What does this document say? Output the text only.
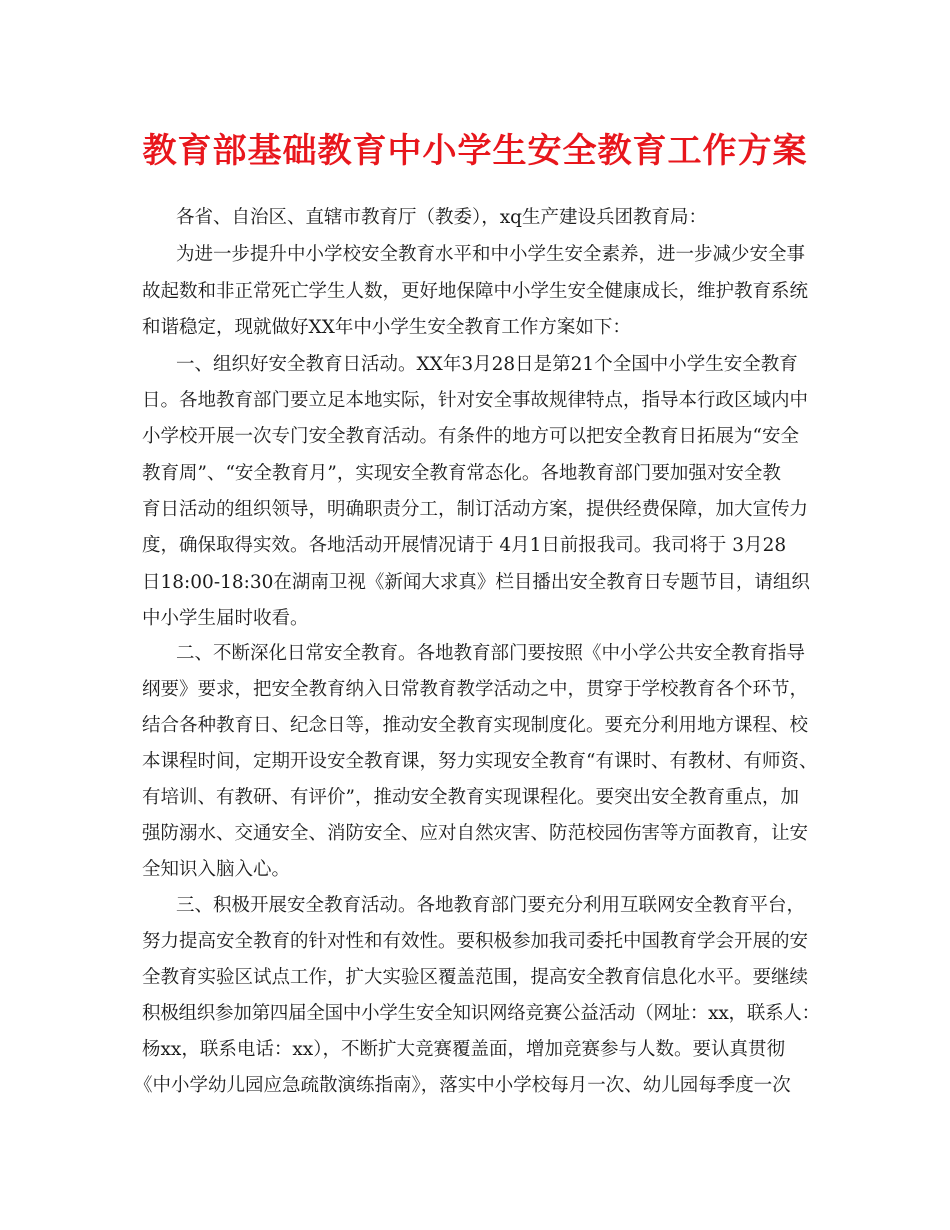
教育部基础教育中小学生安全教育工作方案
各省、自治区、直辖市教育厅（教委），xq生产建设兵团教育局：
为进一步提升中小学校安全教育水平和中小学生安全素养，进一步减少安全事
故起数和非正常死亡学生人数，更好地保障中小学生安全健康成长，维护教育系统
和谐稳定，现就做好XX年中小学生安全教育工作方案如下：
一、组织好安全教育日活动。XX年3月28日是第21个全国中小学生安全教育
日。各地教育部门要立足本地实际，针对安全事故规律特点，指导本行政区域内中
小学校开展一次专门安全教育活动。有条件的地方可以把安全教育日拓展为“安全
教育周”、“安全教育月”，实现安全教育常态化。各地教育部门要加强对安全教
育日活动的组织领导，明确职责分工，制订活动方案，提供经费保障，加大宣传力
度，确保取得实效。各地活动开展情况请于 4月1日前报我司。我司将于 3月28
日18:00-18:30在湖南卫视《新闻大求真》栏目播出安全教育日专题节目，请组织
中小学生届时收看。
二、不断深化日常安全教育。各地教育部门要按照《中小学公共安全教育指导
纲要》要求，把安全教育纳入日常教育教学活动之中，贯穿于学校教育各个环节，
结合各种教育日、纪念日等，推动安全教育实现制度化。要充分利用地方课程、校
本课程时间，定期开设安全教育课，努力实现安全教育“有课时、有教材、有师资、
有培训、有教研、有评价”，推动安全教育实现课程化。要突出安全教育重点，加
强防溺水、交通安全、消防安全、应对自然灾害、防范校园伤害等方面教育，让安
全知识入脑入心。
三、积极开展安全教育活动。各地教育部门要充分利用互联网安全教育平台，
努力提高安全教育的针对性和有效性。要积极参加我司委托中国教育学会开展的安
全教育实验区试点工作，扩大实验区覆盖范围，提高安全教育信息化水平。要继续
积极组织参加第四届全国中小学生安全知识网络竞赛公益活动（网址：xx，联系人：
杨xx，联系电话：xx），不断扩大竞赛覆盖面，增加竞赛参与人数。要认真贯彻
《中小学幼儿园应急疏散演练指南》，落实中小学校每月一次、幼儿园每季度一次
